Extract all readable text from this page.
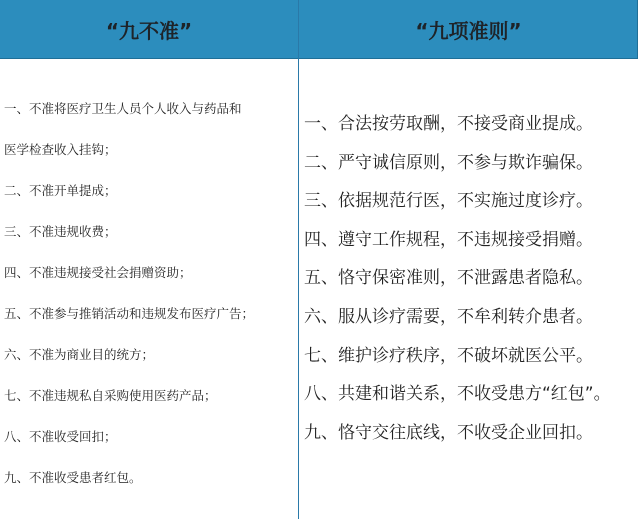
“九不准”	“九项准则”
一、不准将医疗卫生人员个人收入与药品和
医学检查收入挂钩；
二、不准开单提成；
三、不准违规收费；
四、不准违规接受社会捐赠资助；
五、不准参与推销活动和违规发布医疗广告；
六、不准为商业目的统方；
七、不准违规私自采购使用医药产品；
八、不准收受回扣；
九、不准收受患者红包。
一、合法按劳取酬，不接受商业提成。
二、严守诚信原则，不参与欺诈骗保。
三、依据规范行医，不实施过度诊疗。
四、遵守工作规程，不违规接受捐赠。
五、恪守保密准则，不泄露患者隐私。
六、服从诊疗需要，不牟利转介患者。
七、维护诊疗秩序，不破坏就医公平。
八、共建和谐关系，不收受患方“红包”。
九、恪守交往底线，不收受企业回扣。
